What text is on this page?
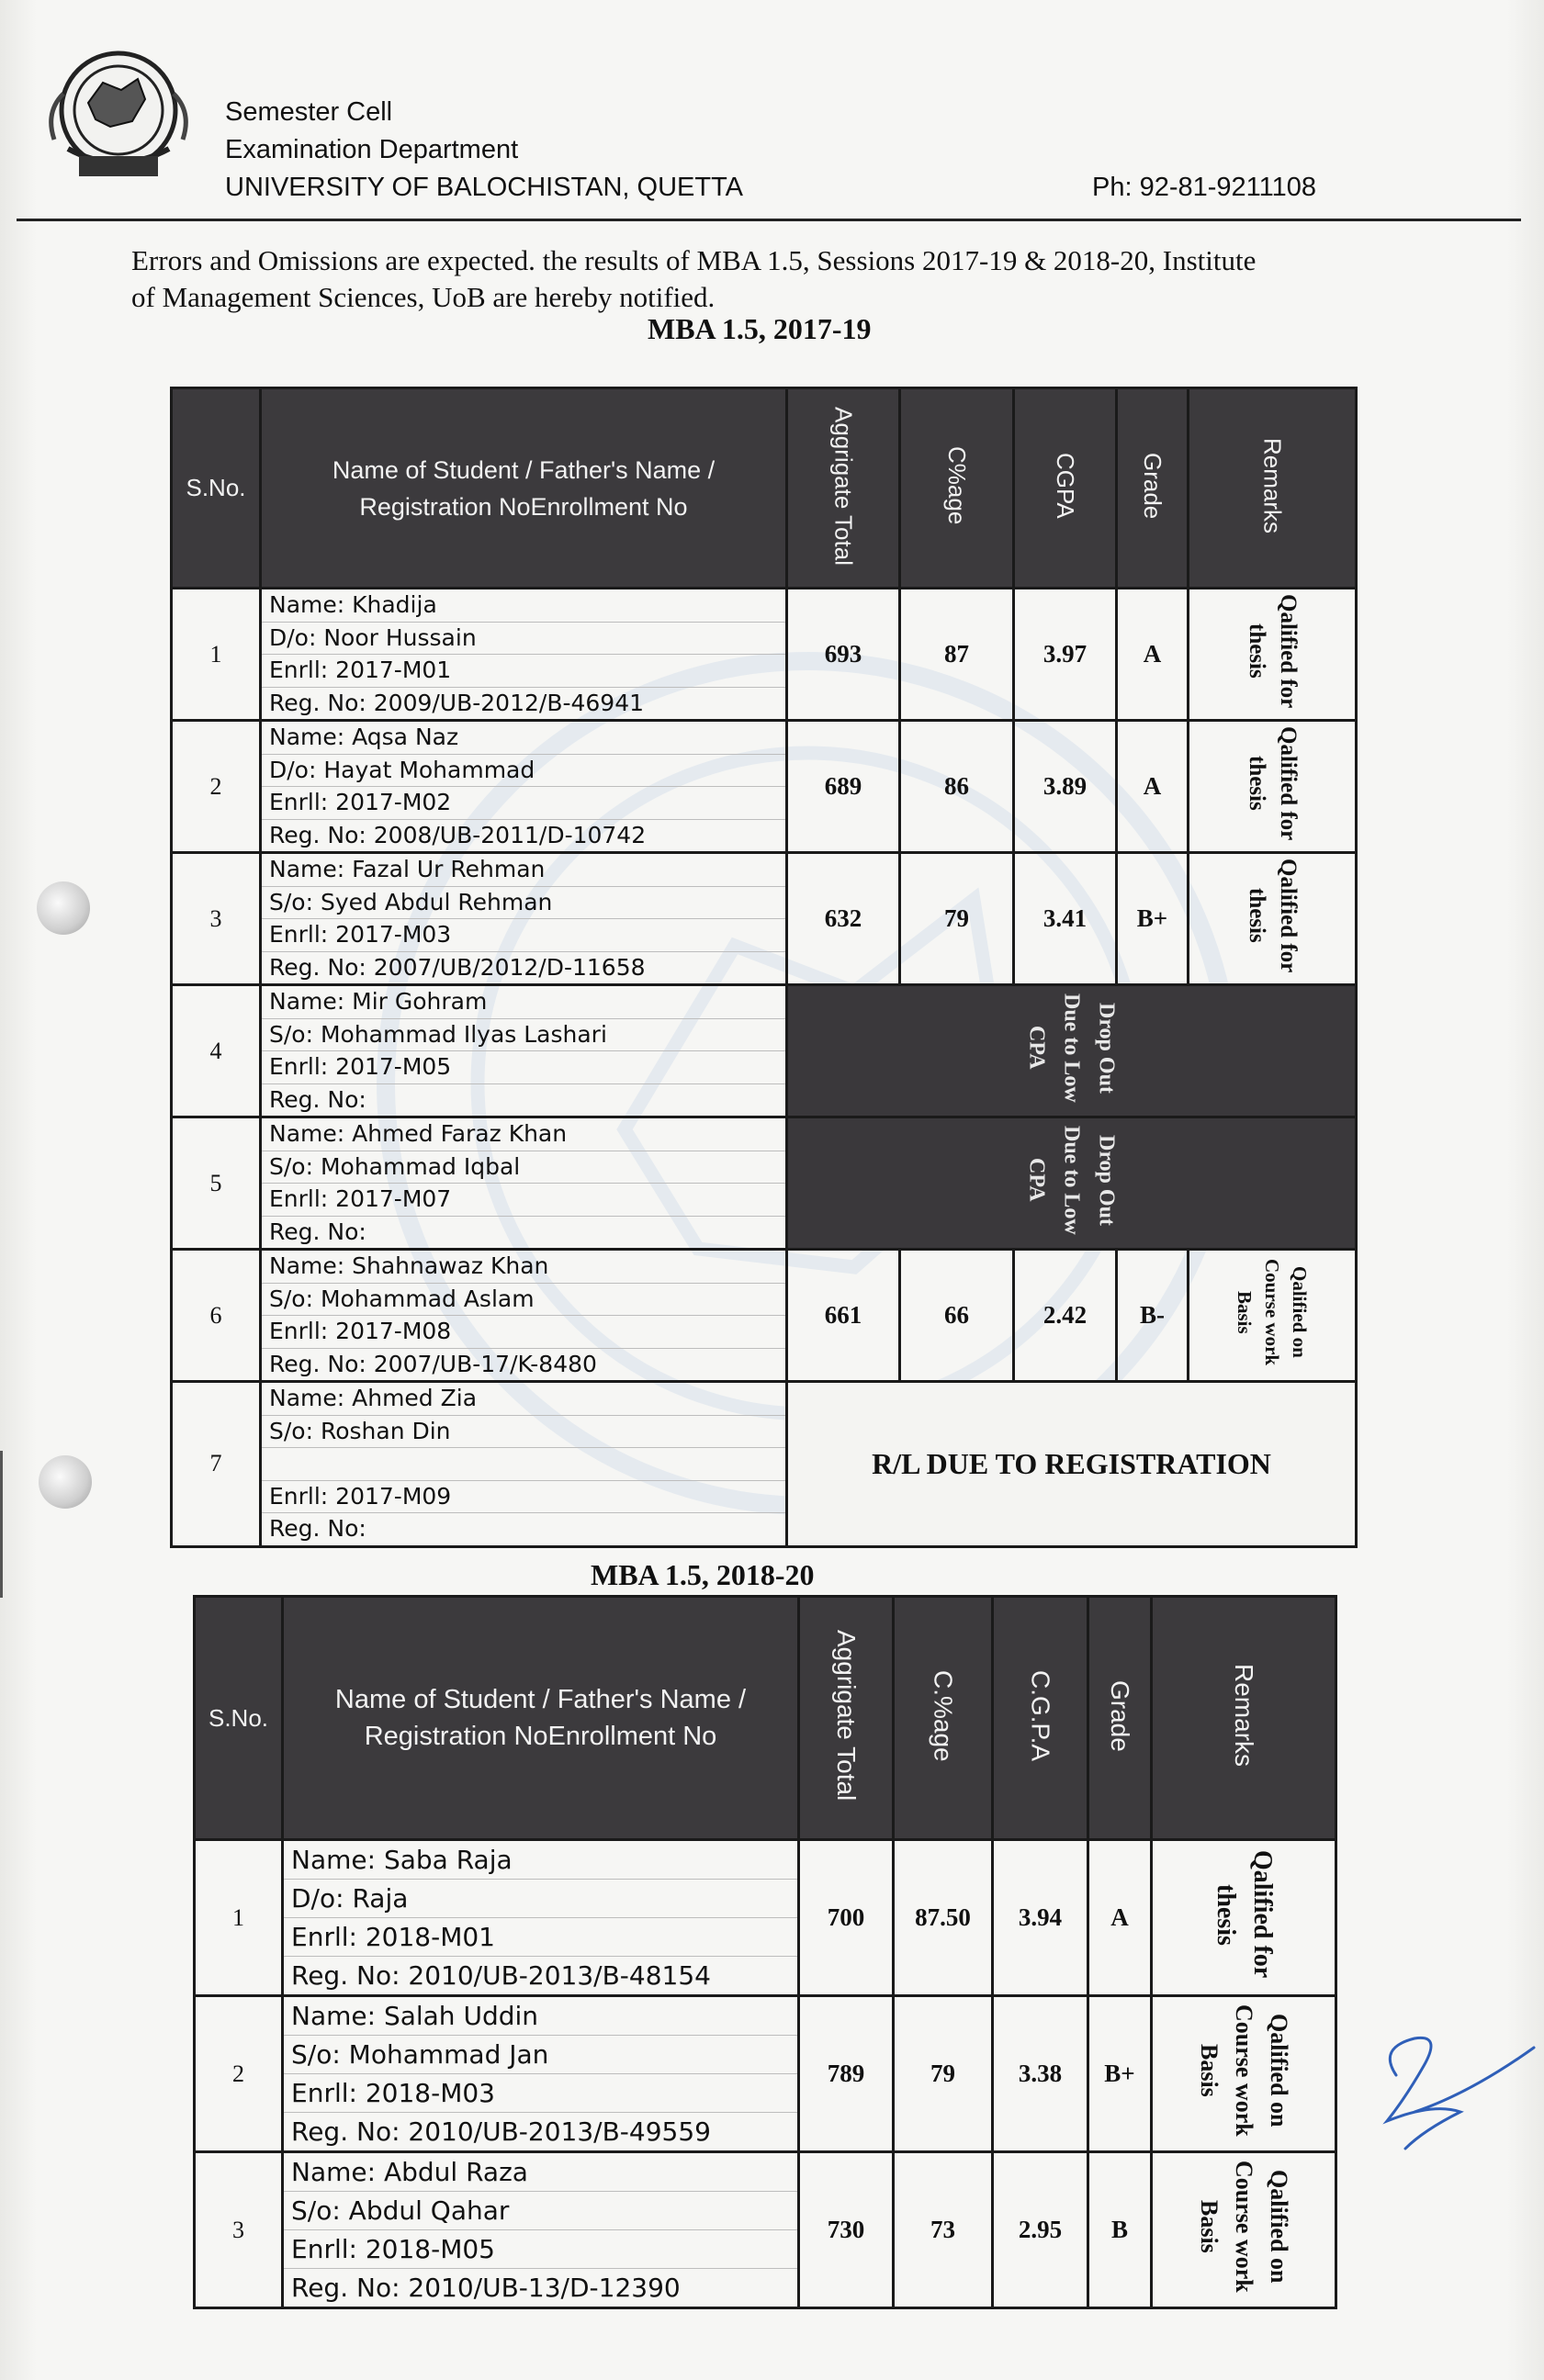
Semester Cell
Examination Department
UNIVERSITY OF BALOCHISTAN, QUETTA	Ph: 92-81-9211108
Errors and Omissions are expected. the results of MBA 1.5, Sessions 2017-19 & 2018-20, Institute
of Management Sciences, UoB are hereby notified.
MBA 1.5, 2017-19
S.No.	Name of Student / Father's Name /
Registration NoEnrollment No	Aggrigate Total	C%age	CGPA	Grade	Remarks
1	Name: Khadija
D/o: Noor Hussain
Enrll: 2017-M01
Reg. No: 2009/UB-2012/B-46941	693	87	3.97	A	Qalified for thesis
2	Name: Aqsa Naz
D/o: Hayat Mohammad
Enrll: 2017-M02
Reg. No: 2008/UB-2011/D-10742	689	86	3.89	A	Qalified for thesis
3	Name: Fazal Ur Rehman
S/o: Syed Abdul Rehman
Enrll: 2017-M03
Reg. No: 2007/UB/2012/D-11658	632	79	3.41	B+	Qalified for thesis
4	Name: Mir Gohram
S/o: Mohammad Ilyas Lashari
Enrll: 2017-M05
Reg. No:	Drop Out Due to Low CPA				
5	Name: Ahmed Faraz Khan
S/o: Mohammad Iqbal
Enrll: 2017-M07
Reg. No:	Drop Out Due to Low CPA				
6	Name: Shahnawaz Khan
S/o: Mohammad Aslam
Enrll: 2017-M08
Reg. No: 2007/UB-17/K-8480	661	66	2.42	B-	Qalified on Course work Basis
7	Name: Ahmed Zia
S/o: Roshan Din
Enrll: 2017-M09
Reg. No:	R/L DUE TO REGISTRATION				
MBA 1.5, 2018-20
S.No.	Name of Student / Father's Name /
Registration NoEnrollment No	Aggrigate Total	C.%age	C.G.P.A	Grade	Remarks
1	Name: Saba Raja
D/o: Raja
Enrll: 2018-M01
Reg. No: 2010/UB-2013/B-48154	700	87.50	3.94	A	Qalified for thesis
2	Name: Salah Uddin
S/o: Mohammad Jan
Enrll: 2018-M03
Reg. No: 2010/UB-2013/B-49559	789	79	3.38	B+	Qalified on Course work Basis
3	Name: Abdul Raza
S/o: Abdul Qahar
Enrll: 2018-M05
Reg. No: 2010/UB-13/D-12390	730	73	2.95	B	Qalified on Course work Basis
